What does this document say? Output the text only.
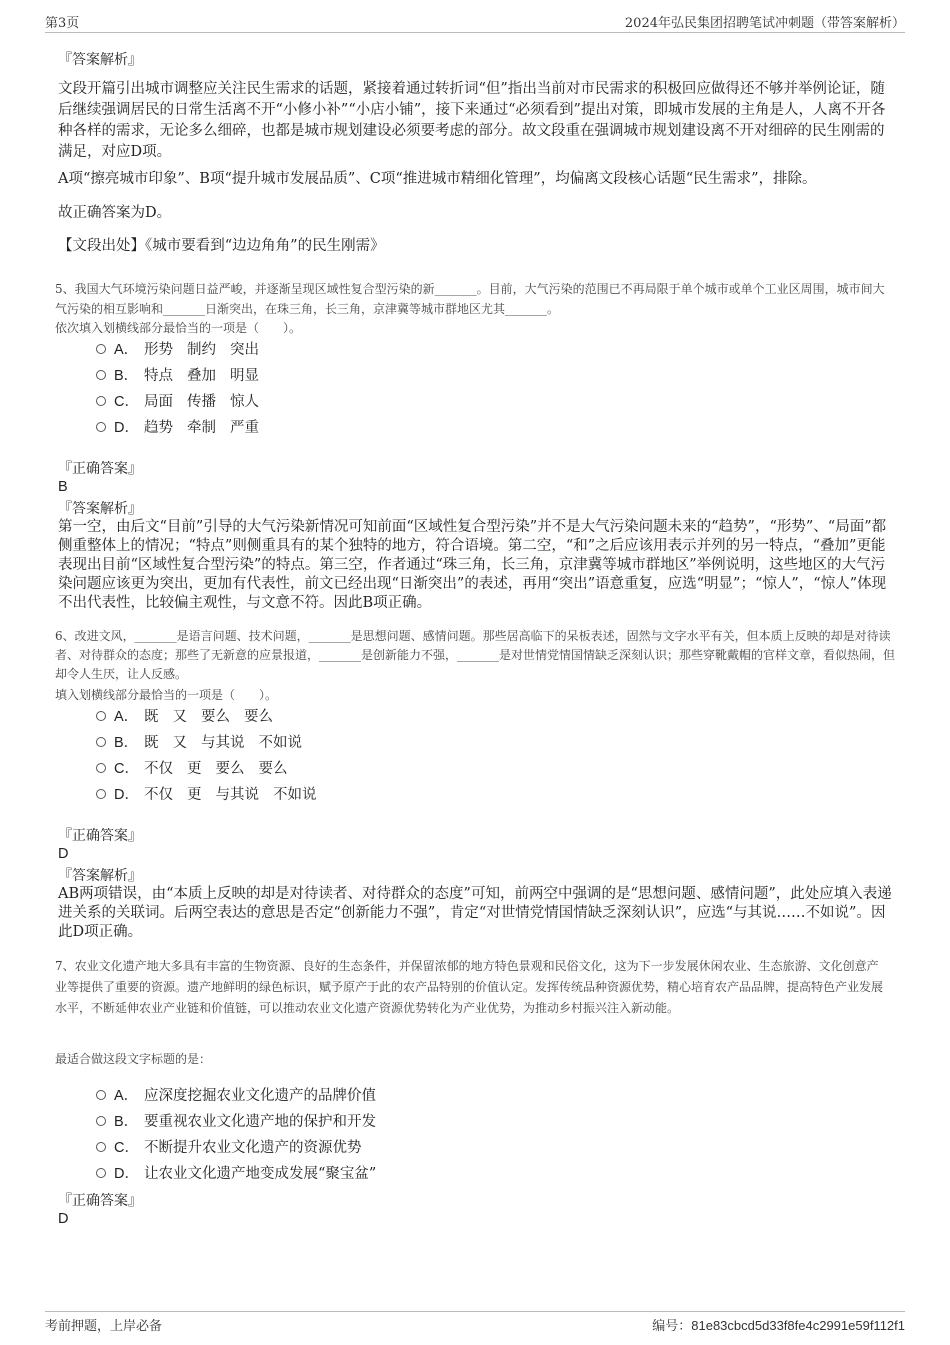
第3页	2024年弘民集团招聘笔试冲刺题（带答案解析）
『答案解析』
文段开篇引出城市调整应关注民生需求的话题，紧接着通过转折词“但”指出当前对市民需求的积极回应做得还不够并举例论证，随后继续强调居民的日常生活离不开“小修小补”“小店小铺”，接下来通过“必须看到”提出对策，即城市发展的主角是人，人离不开各种各样的需求，无论多么细碎，也都是城市规划建设必须要考虑的部分。故文段重在强调城市规划建设离不开对细碎的民生刚需的满足，对应D项。
A项“擦亮城市印象”、B项“提升城市发展品质”、C项“推进城市精细化管理”，均偏离文段核心话题“民生需求”，排除。
故正确答案为D。
【文段出处】《城市要看到“边边角角”的民生刚需》
5、我国大气环境污染问题日益严峻，并逐渐呈现区域性复合型污染的新_______。目前，大气污染的范围已不再局限于单个城市或单个工业区周围，城市间大气污染的相互影响和_______日渐突出，在珠三角，长三角，京津冀等城市群地区尤其_______。
依次填入划横线部分最恰当的一项是（　　）。
A． 形势 制约 突出
B． 特点 叠加 明显
C． 局面 传播 惊人
D． 趋势 牵制 严重
『正确答案』
B
『答案解析』
第一空，由后文“目前”引导的大气污染新情况可知前面“区域性复合型污染”并不是大气污染问题未来的“趋势”，“形势”、“局面”都侧重整体上的情况；“特点”则侧重具有的某个独特的地方，符合语境。第二空，“和”之后应该用表示并列的另一特点，“叠加”更能表现出目前“区域性复合型污染”的特点。第三空，作者通过“珠三角，长三角，京津冀等城市群地区”举例说明，这些地区的大气污染问题应该更为突出，更加有代表性，前文已经出现“日渐突出”的表述，再用“突出”语意重复，应选“明显”；“惊人”，“惊人”体现不出代表性，比较偏主观性，与文意不符。因此B项正确。
6、改进文风，_______是语言问题、技术问题，_______是思想问题、感情问题。那些居高临下的呆板表述，固然与文字水平有关，但本质上反映的却是对待读者、对待群众的态度；那些了无新意的应景报道，_______是创新能力不强，_______是对世情党情国情缺乏深刻认识；那些穿靴戴帽的官样文章，看似热闹，但却令人生厌，让人反感。
填入划横线部分最恰当的一项是（　　）。
A． 既 又 要么 要么
B． 既 又 与其说 不如说
C． 不仅 更 要么 要么
D． 不仅 更 与其说 不如说
『正确答案』
D
『答案解析』
AB两项错误，由“本质上反映的却是对待读者、对待群众的态度”可知，前两空中强调的是“思想问题、感情问题”，此处应填入表递进关系的关联词。后两空表达的意思是否定“创新能力不强”，肯定“对世情党情国情缺乏深刻认识”，应选“与其说……不如说”。因此D项正确。
7、农业文化遗产地大多具有丰富的生物资源、良好的生态条件，并保留浓郁的地方特色景观和民俗文化，这为下一步发展休闲农业、生态旅游、文化创意产业等提供了重要的资源。遗产地鲜明的绿色标识，赋予原产于此的农产品特别的价值认定。发挥传统品种资源优势，精心培育农产品品牌，提高特色产业发展水平，不断延伸农业产业链和价值链，可以推动农业文化遗产资源优势转化为产业优势，为推动乡村振兴注入新动能。
最适合做这段文字标题的是：
A． 应深度挖掘农业文化遗产的品牌价值
B． 要重视农业文化遗产地的保护和开发
C． 不断提升农业文化遗产的资源优势
D． 让农业文化遗产地变成发展“聚宝盆”
『正确答案』
D
考前押题，上岸必备	编号：81e83cbcd5d33f8fe4c2991e59f112f1
